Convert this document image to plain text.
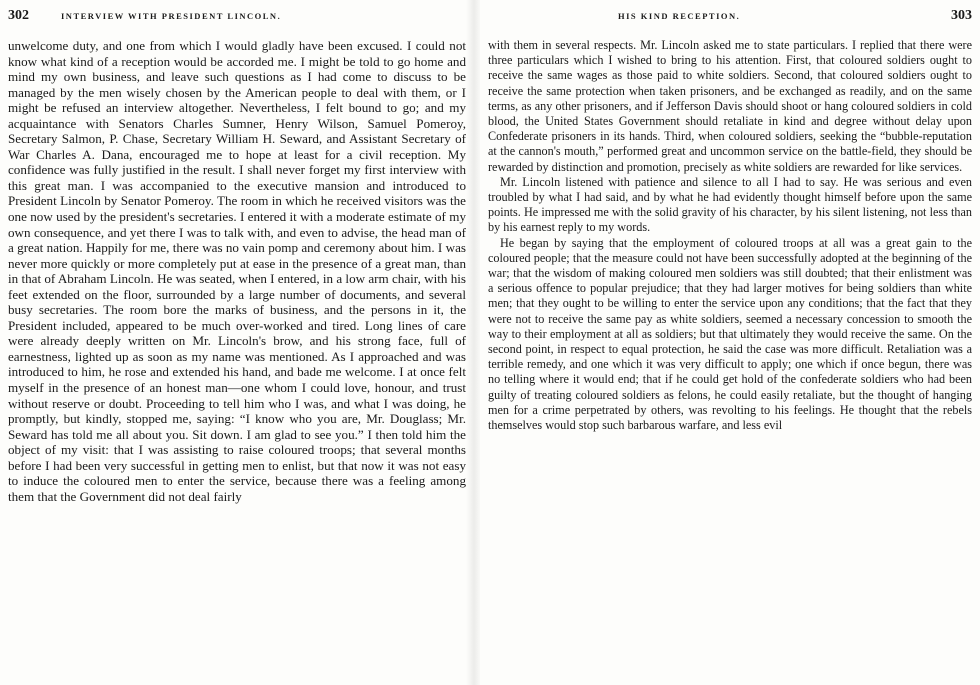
302	INTERVIEW WITH PRESIDENT LINCOLN.

unwelcome duty, and one from which I would gladly have been excused. I could not know what kind of a reception would be accorded me. I might be told to go home and mind my own business, and leave such questions as I had come to discuss to be managed by the men wisely chosen by the American people to deal with them, or I might be refused an interview altogether. Nevertheless, I felt bound to go; and my acquaintance with Senators Charles Sumner, Henry Wilson, Samuel Pomeroy, Secretary Salmon, P. Chase, Secretary William H. Seward, and Assistant Secretary of War Charles A. Dana, encouraged me to hope at least for a civil reception. My confidence was fully justified in the result. I shall never forget my first interview with this great man. I was accompanied to the executive mansion and introduced to President Lincoln by Senator Pomeroy. The room in which he received visitors was the one now used by the president's secretaries. I entered it with a moderate estimate of my own consequence, and yet there I was to talk with, and even to advise, the head man of a great nation. Happily for me, there was no vain pomp and ceremony about him. I was never more quickly or more completely put at ease in the presence of a great man, than in that of Abraham Lincoln. He was seated, when I entered, in a low arm chair, with his feet extended on the floor, surrounded by a large number of documents, and several busy secretaries. The room bore the marks of business, and the persons in it, the President included, appeared to be much over-worked and tired. Long lines of care were already deeply written on Mr. Lincoln's brow, and his strong face, full of earnestness, lighted up as soon as my name was mentioned. As I approached and was introduced to him, he rose and extended his hand, and bade me welcome. I at once felt myself in the presence of an honest man—one whom I could love, honour, and trust without reserve or doubt. Proceeding to tell him who I was, and what I was doing, he promptly, but kindly, stopped me, saying: “I know who you are, Mr. Douglass; Mr. Seward has told me all about you. Sit down. I am glad to see you.” I then told him the object of my visit: that I was assisting to raise coloured troops; that several months before I had been very successful in getting men to enlist, but that now it was not easy to induce the coloured men to enter the service, because there was a feeling among them that the Government did not deal fairly

HIS KIND RECEPTION.	303

with them in several respects. Mr. Lincoln asked me to state particulars. I replied that there were three particulars which I wished to bring to his attention. First, that coloured soldiers ought to receive the same wages as those paid to white soldiers. Second, that coloured soldiers ought to receive the same protection when taken prisoners, and be exchanged as readily, and on the same terms, as any other prisoners, and if Jefferson Davis should shoot or hang coloured soldiers in cold blood, the United States Government should retaliate in kind and degree without delay upon Confederate prisoners in its hands. Third, when coloured soldiers, seeking the “bubble-reputation at the cannon's mouth,” performed great and uncommon service on the battle-field, they should be rewarded by distinction and promotion, precisely as white soldiers are rewarded for like services.

Mr. Lincoln listened with patience and silence to all I had to say. He was serious and even troubled by what I had said, and by what he had evidently thought himself before upon the same points. He impressed me with the solid gravity of his character, by his silent listening, not less than by his earnest reply to my words.

He began by saying that the employment of coloured troops at all was a great gain to the coloured people; that the measure could not have been successfully adopted at the beginning of the war; that the wisdom of making coloured men soldiers was still doubted; that their enlistment was a serious offence to popular prejudice; that they had larger motives for being soldiers than white men; that they ought to be willing to enter the service upon any conditions; that the fact that they were not to receive the same pay as white soldiers, seemed a necessary concession to smooth the way to their employment at all as soldiers; but that ultimately they would receive the same. On the second point, in respect to equal protection, he said the case was more difficult. Retaliation was a terrible remedy, and one which it was very difficult to apply; one which if once begun, there was no telling where it would end; that if he could get hold of the confederate soldiers who had been guilty of treating coloured soldiers as felons, he could easily retaliate, but the thought of hanging men for a crime perpetrated by others, was revolting to his feelings. He thought that the rebels themselves would stop such barbarous warfare, and less evil
